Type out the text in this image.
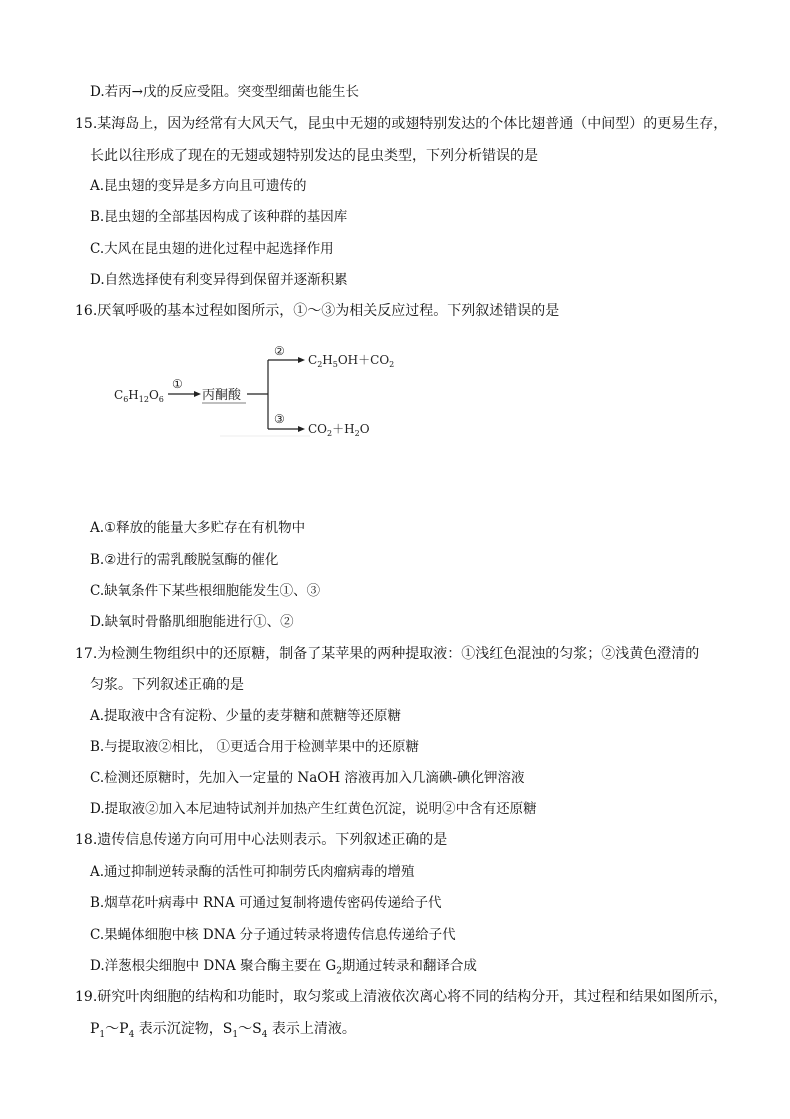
D.若丙→戊的反应受阻。突变型细菌也能生长
15.某海岛上，因为经常有大风天气，昆虫中无翅的或翅特别发达的个体比翅普通（中间型）的更易生存，
长此以往形成了现在的无翅或翅特别发达的昆虫类型，下列分析错误的是
A.昆虫翅的变异是多方向且可遗传的
B.昆虫翅的全部基因构成了该种群的基因库
C.大风在昆虫翅的进化过程中起选择作用
D.自然选择使有利变异得到保留并逐渐积累
16.厌氧呼吸的基本过程如图所示，①～③为相关反应过程。下列叙述错误的是
$C_6H_{12}O_6$
①
丙酮酸
②
③
$C_2H_5OH+CO_2$
$CO_2+H_2O$
A.①释放的能量大多贮存在有机物中
B.②进行的需乳酸脱氢酶的催化
C.缺氧条件下某些根细胞能发生①、③
D.缺氧时骨骼肌细胞能进行①、②
17.为检测生物组织中的还原糖，制备了某苹果的两种提取液：①浅红色混浊的匀浆；②浅黄色澄清的
匀浆。下列叙述正确的是
A.提取液中含有淀粉、少量的麦芽糖和蔗糖等还原糖
B.与提取液②相比， ①更适合用于检测苹果中的还原糖
C.检测还原糖时，先加入一定量的 NaOH 溶液再加入几滴碘-碘化钾溶液
D.提取液②加入本尼迪特试剂并加热产生红黄色沉淀，说明②中含有还原糖
18.遗传信息传递方向可用中心法则表示。下列叙述正确的是
A.通过抑制逆转录酶的活性可抑制劳氏肉瘤病毒的增殖
B.烟草花叶病毒中 RNA 可通过复制将遗传密码传递给子代
C.果蝇体细胞中核 DNA 分子通过转录将遗传信息传递给子代
D.洋葱根尖细胞中 DNA 聚合酶主要在 $G_2$期通过转录和翻译合成
19.研究叶肉细胞的结构和功能时，取匀浆或上清液依次离心将不同的结构分开，其过程和结果如图所示，
$P_1\sim P_4$ 表示沉淀物，$S_1\sim S_4$ 表示上清液。
